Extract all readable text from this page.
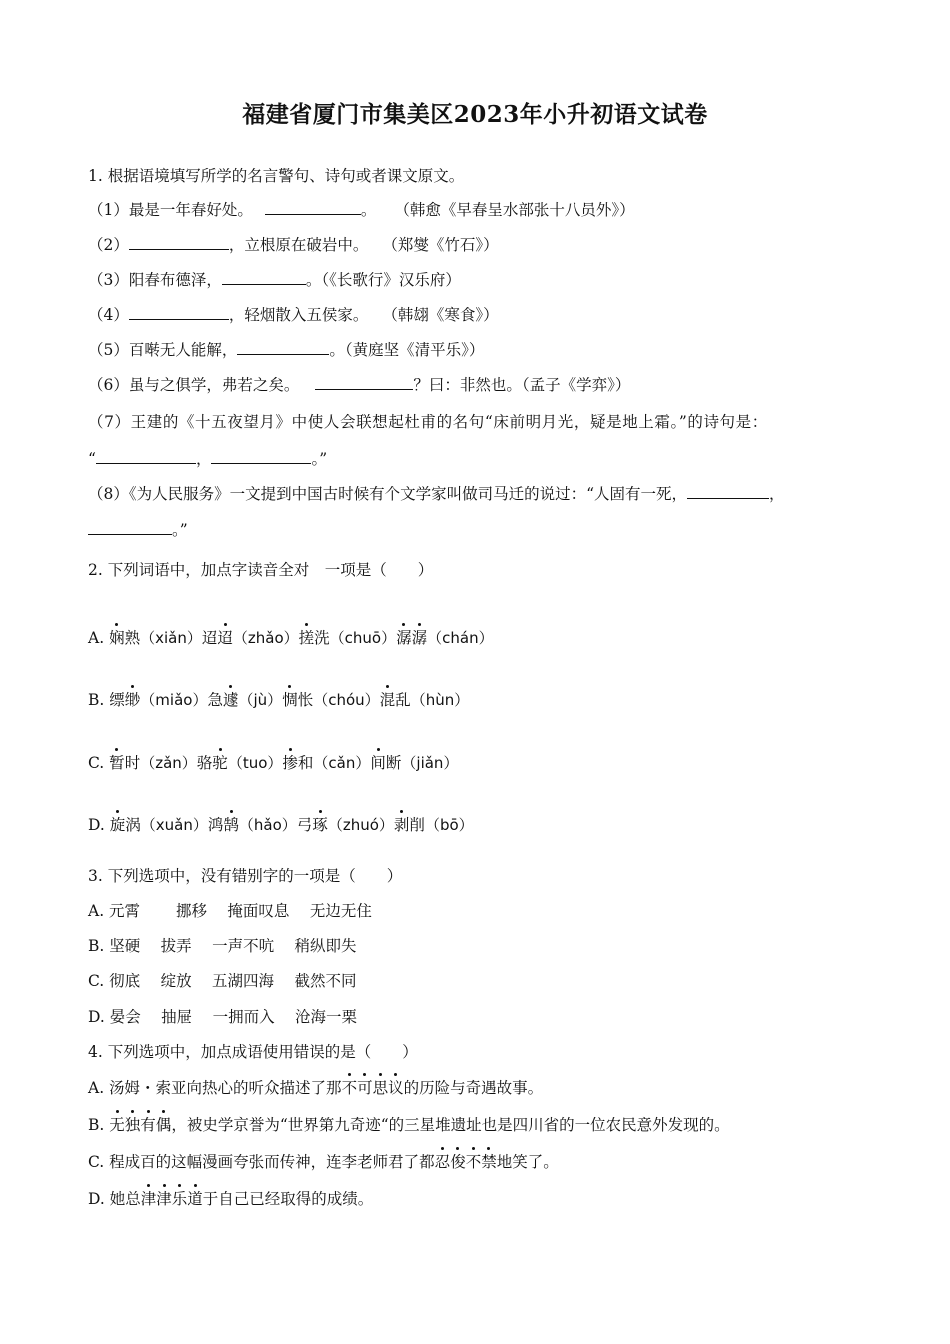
福建省厦门市集美区2023年小升初语文试卷
1. 根据语境填写所学的名言警句、诗句或者课文原文。
（1）最是一年春好处。	。 （韩愈《早春呈水部张十八员外》）
（2）	，立根原在破岩中。 （郑燮《竹石》）
（3）阳春布德泽，	。（《长歌行》汉乐府）
（4）	，轻烟散入五侯家。 （韩翃《寒食》）
（5）百啭无人能解，	。（黄庭坚《清平乐》）
（6）虽与之俱学，弗若之矣。	？曰：非然也。（孟子《学弈》）
（7）王建的《十五夜望月》中使人会联想起杜甫的名句“床前明月光，疑是地上霜。”的诗句是：
“	，	。”
（8）《为人民服务》一文提到中国古时候有个文学家叫做司马迁的说过：“人固有一死，	，
。”
2. 下列词语中，加点字读音全对　一项是（　　）
A. 娴熟（xiǎn）迢迢（zhǎo）搓洗（chuō）潺潺（chán）
B. 缥缈（miǎo）急遽（jù）惆怅（chóu）混乱（hùn）
C. 暂时（zǎn）骆驼（tuo）掺和（cǎn）间断（jiǎn）
D. 旋涡（xuǎn）鸿鹄（hǎo）弓琢（zhuó）剥削（bō）
3. 下列选项中，没有错别字的一项是（　　）
A. 元霄　　 挪移　 掩面叹息　 无边无住
B. 坚硬　 拔弄　 一声不吭　 稍纵即失
C. 彻底　 绽放　 五湖四海　 截然不同
D. 晏会　 抽屉　 一拥而入　 沧海一栗
4. 下列选项中，加点成语使用错误的是（　　）
A. 汤姆・索亚向热心的听众描述了那不可思议的历险与奇遇故事。
B. 无独有偶，被史学京誉为“世界第九奇迹“的三星堆遗址也是四川省的一位农民意外发现的。
C. 程成百的这幅漫画夸张而传神，连李老师君了都忍俊不禁地笑了。
D. 她总津津乐道于自己已经取得的成绩。
